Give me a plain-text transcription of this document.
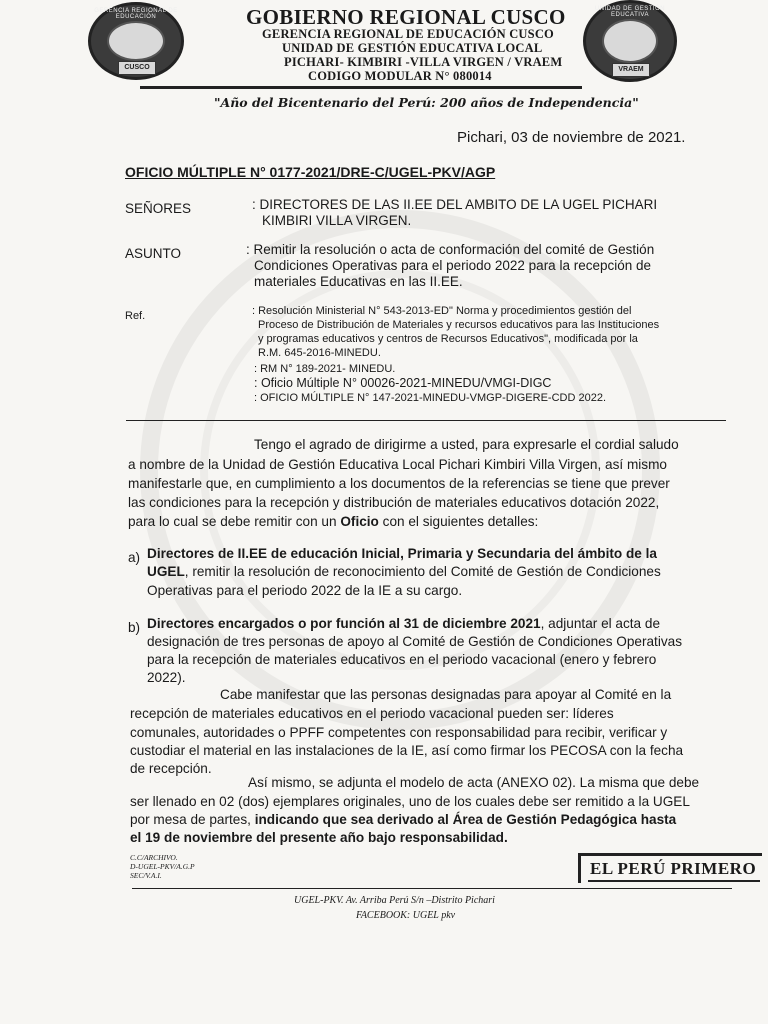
GERENCIA REGIONAL DE EDUCACIÓN
CUSCO
UNIDAD DE GESTIÓN EDUCATIVA
VRAEM
GOBIERNO REGIONAL CUSCO
GERENCIA REGIONAL DE EDUCACIÓN CUSCO
UNIDAD DE GESTIÓN EDUCATIVA LOCAL
PICHARI- KIMBIRI -VILLA VIRGEN / VRAEM
CODIGO MODULAR N° 080014
"Año del Bicentenario del Perú: 200 años de Independencia"
Pichari, 03 de noviembre de 2021.
OFICIO MÚLTIPLE N° 0177-2021/DRE-C/UGEL-PKV/AGP
SEÑORES	: DIRECTORES DE LAS II.EE DEL AMBITO DE LA UGEL PICHARI
KIMBIRI VILLA VIRGEN.
ASUNTO	: Remitir la resolución o acta de conformación del comité de Gestión
Condiciones Operativas para el periodo 2022 para la recepción de
materiales Educativas en las II.EE.
Ref.	: Resolución Ministerial N° 543-2013-ED" Norma y procedimientos gestión del
Proceso de Distribución de Materiales y recursos educativos para las Instituciones
y programas educativos y centros de Recursos Educativos", modificada por la
R.M. 645-2016-MINEDU.
: RM N° 189-2021- MINEDU.
: Oficio Múltiple N° 00026-2021-MINEDU/VMGI-DIGC
: OFICIO MÚLTIPLE N° 147-2021-MINEDU-VMGP-DIGERE-CDD 2022.
Tengo el agrado de dirigirme a usted, para expresarle el cordial saludo
a nombre de la Unidad de Gestión Educativa Local Pichari Kimbiri Villa Virgen, así mismo
manifestarle que, en cumplimiento a los documentos de la referencias se tiene que prever
las condiciones para la recepción y distribución de materiales educativos dotación 2022,
para lo cual se debe remitir con un Oficio con el siguientes detalles:
a) Directores de II.EE de educación Inicial, Primaria y Secundaria del ámbito de la
UGEL, remitir la resolución de reconocimiento del Comité de Gestión de Condiciones
Operativas para el periodo 2022 de la IE a su cargo.
b) Directores encargados o por función al 31 de diciembre 2021, adjuntar el acta de
designación de tres personas de apoyo al Comité de Gestión de Condiciones Operativas
para la recepción de materiales educativos en el periodo vacacional (enero y febrero
2022).
Cabe manifestar que las personas designadas para apoyar al Comité en la
recepción de materiales educativos en el periodo vacacional pueden ser: líderes
comunales, autoridades o PPFF competentes con responsabilidad para recibir, verificar y
custodiar el material en las instalaciones de la IE, así como firmar los PECOSA con la fecha
de recepción.
Así mismo, se adjunta el modelo de acta (ANEXO 02). La misma que debe
ser llenado en 02 (dos) ejemplares originales, uno de los cuales debe ser remitido a la UGEL
por mesa de partes, indicando que sea derivado al Área de Gestión Pedagógica hasta
el 19 de noviembre del presente año bajo responsabilidad.
C.C/ARCHIVO.
D-UGEL-PKV/A.G.P
SEC/V.A.I.	EL PERÚ PRIMERO
UGEL-PKV. Av. Arriba Perú S/n –Distrito Pichari
FACEBOOK: UGEL pkv
